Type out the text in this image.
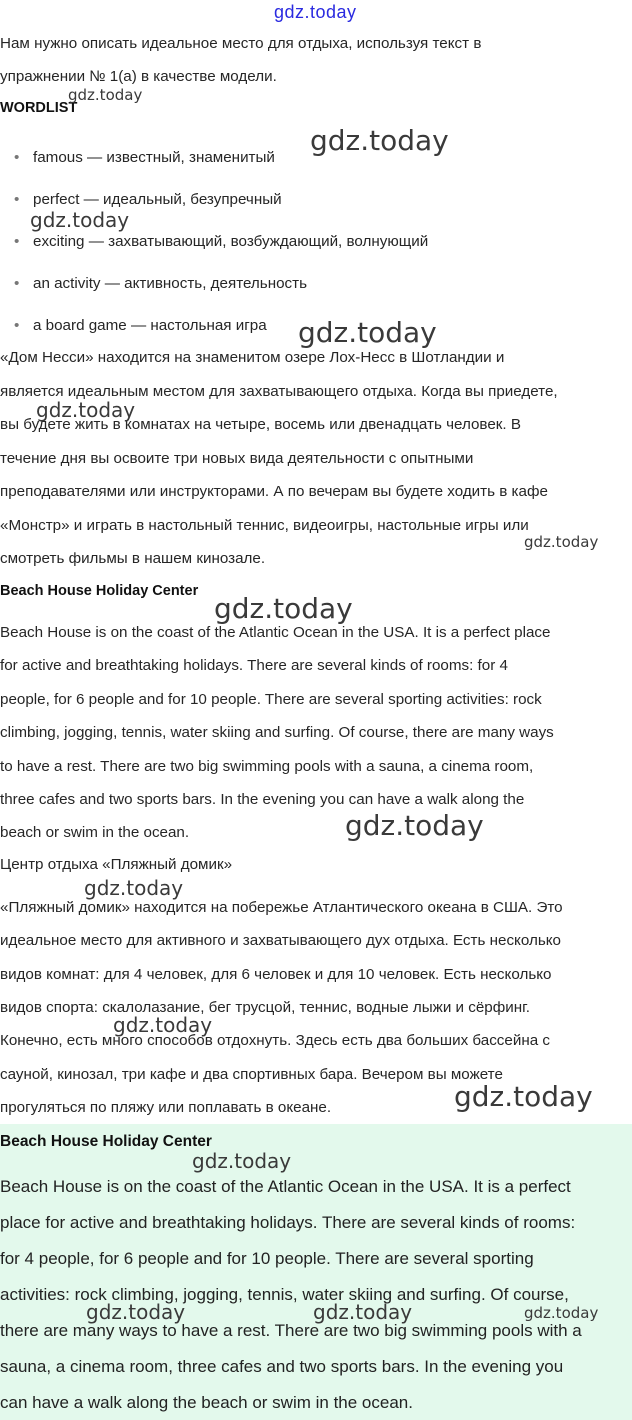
gdz.today
Нам нужно описать идеальное место для отдыха, используя текст в
упражнении № 1(a) в качестве модели.
WORDLIST
• famous — известный, знаменитый
• perfect — идеальный, безупречный
• exciting — захватывающий, возбуждающий, волнующий
• an activity — активность, деятельность
• a board game — настольная игра
«Дом Несси» находится на знаменитом озере Лох-Несс в Шотландии и
является идеальным местом для захватывающего отдыха. Когда вы приедете,
вы будете жить в комнатах на четыре, восемь или двенадцать человек. В
течение дня вы освоите три новых вида деятельности с опытными
преподавателями или инструкторами. А по вечерам вы будете ходить в кафе
«Монстр» и играть в настольный теннис, видеоигры, настольные игры или
смотреть фильмы в нашем кинозале.
Beach House Holiday Center
Beach House is on the coast of the Atlantic Ocean in the USA. It is a perfect place
for active and breathtaking holidays. There are several kinds of rooms: for 4
people, for 6 people and for 10 people. There are several sporting activities: rock
climbing, jogging, tennis, water skiing and surfing. Of course, there are many ways
to have a rest. There are two big swimming pools with a sauna, a cinema room,
three cafes and two sports bars. In the evening you can have a walk along the
beach or swim in the ocean.
Центр отдыха «Пляжный домик»
«Пляжный домик» находится на побережье Атлантического океана в США. Это
идеальное место для активного и захватывающего дух отдыха. Есть несколько
видов комнат: для 4 человек, для 6 человек и для 10 человек. Есть несколько
видов спорта: скалолазание, бег трусцой, теннис, водные лыжи и сёрфинг.
Конечно, есть много способов отдохнуть. Здесь есть два больших бассейна с
сауной, кинозал, три кафе и два спортивных бара. Вечером вы можете
прогуляться по пляжу или поплавать в океане.
Beach House Holiday Center
Beach House is on the coast of the Atlantic Ocean in the USA. It is a perfect
place for active and breathtaking holidays. There are several kinds of rooms:
for 4 people, for 6 people and for 10 people. There are several sporting
activities: rock climbing, jogging, tennis, water skiing and surfing. Of course,
there are many ways to have a rest. There are two big swimming pools with a
sauna, a cinema room, three cafes and two sports bars. In the evening you
can have a walk along the beach or swim in the ocean.
gdz.today
gdz.today
gdz.today
gdz.today
gdz.today
gdz.today
gdz.today
gdz.today
gdz.today
gdz.today
gdz.today
gdz.today
gdz.today	gdz.today	gdz.today
